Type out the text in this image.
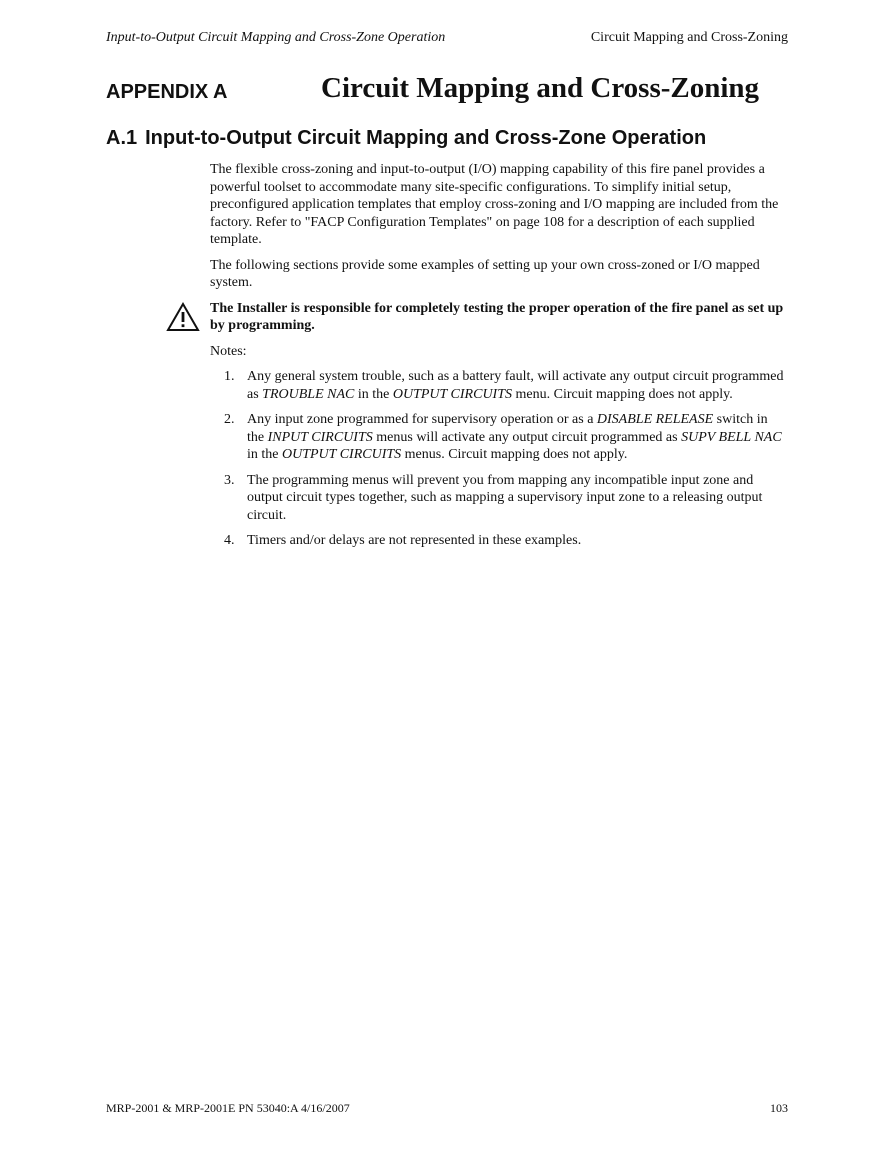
Input-to-Output Circuit Mapping and Cross-Zone Operation	Circuit Mapping and Cross-Zoning
APPENDIX A	Circuit Mapping and Cross-Zoning
A.1 Input-to-Output Circuit Mapping and Cross-Zone Operation

The flexible cross-zoning and input-to-output (I/O) mapping capability of this fire panel provides a powerful toolset to accommodate many site-specific configurations. To simplify initial setup, preconfigured application templates that employ cross-zoning and I/O mapping are included from the factory. Refer to "FACP Configuration Templates" on page 108 for a description of each supplied template.

The following sections provide some examples of setting up your own cross-zoned or I/O mapped system.

The Installer is responsible for completely testing the proper operation of the fire panel as set up by programming.
Notes:
1. Any general system trouble, such as a battery fault, will activate any output circuit programmed as TROUBLE NAC in the OUTPUT CIRCUITS menu. Circuit mapping does not apply.
2. Any input zone programmed for supervisory operation or as a DISABLE RELEASE switch in the INPUT CIRCUITS menus will activate any output circuit programmed as SUPV BELL NAC in the OUTPUT CIRCUITS menus. Circuit mapping does not apply.
3. The programming menus will prevent you from mapping any incompatible input zone and output circuit types together, such as mapping a supervisory input zone to a releasing output circuit.
4. Timers and/or delays are not represented in these examples.
MRP-2001 & MRP-2001E PN 53040:A 4/16/2007	103
